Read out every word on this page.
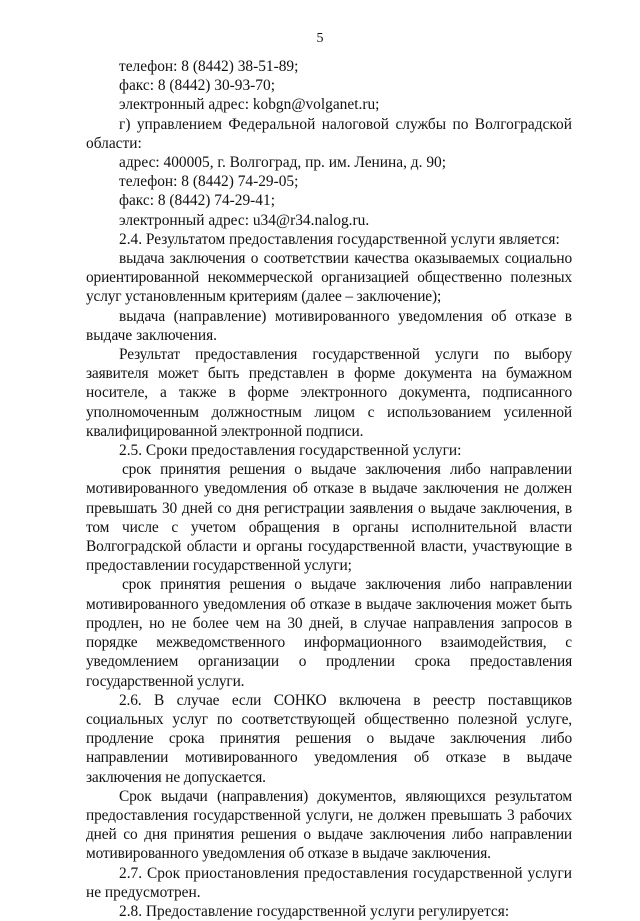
5
телефон: 8 (8442) 38-51-89;
факс: 8 (8442) 30-93-70;
электронный адрес: kobgn@volganet.ru;
г) управлением Федеральной налоговой службы по Волгоградской области:
адрес: 400005, г. Волгоград, пр. им. Ленина, д. 90;
телефон: 8 (8442) 74-29-05;
факс: 8 (8442) 74-29-41;
электронный адрес: u34@r34.nalog.ru.
2.4. Результатом предоставления государственной услуги является:
выдача заключения о соответствии качества оказываемых социально ориентированной некоммерческой организацией общественно полезных услуг установленным критериям (далее – заключение);
выдача (направление) мотивированного уведомления об отказе в выдаче заключения.
Результат предоставления государственной услуги по выбору заявителя может быть представлен в форме документа на бумажном носителе, а также в форме электронного документа, подписанного уполномоченным должностным лицом с использованием усиленной квалифицированной электронной подписи.
2.5. Сроки предоставления государственной услуги:
срок принятия решения о выдаче заключения либо направлении мотивированного уведомления об отказе в выдаче заключения не должен превышать 30 дней со дня регистрации заявления о выдаче заключения, в том числе с учетом обращения в органы исполнительной власти Волгоградской области и органы государственной власти, участвующие в предоставлении государственной услуги;
срок принятия решения о выдаче заключения либо направлении мотивированного уведомления об отказе в выдаче заключения может быть продлен, но не более чем на 30 дней, в случае направления запросов в порядке межведомственного информационного взаимодействия, с уведомлением организации о продлении срока предоставления государственной услуги.
2.6. В случае если СОНКО включена в реестр поставщиков социальных услуг по соответствующей общественно полезной услуге, продление срока принятия решения о выдаче заключения либо направлении мотивированного уведомления об отказе в выдаче заключения не допускается.
Срок выдачи (направления) документов, являющихся результатом предоставления государственной услуги, не должен превышать 3 рабочих дней со дня принятия решения о выдаче заключения либо направлении мотивированного уведомления об отказе в выдаче заключения.
2.7. Срок приостановления предоставления государственной услуги не предусмотрен.
2.8. Предоставление государственной услуги регулируется:
